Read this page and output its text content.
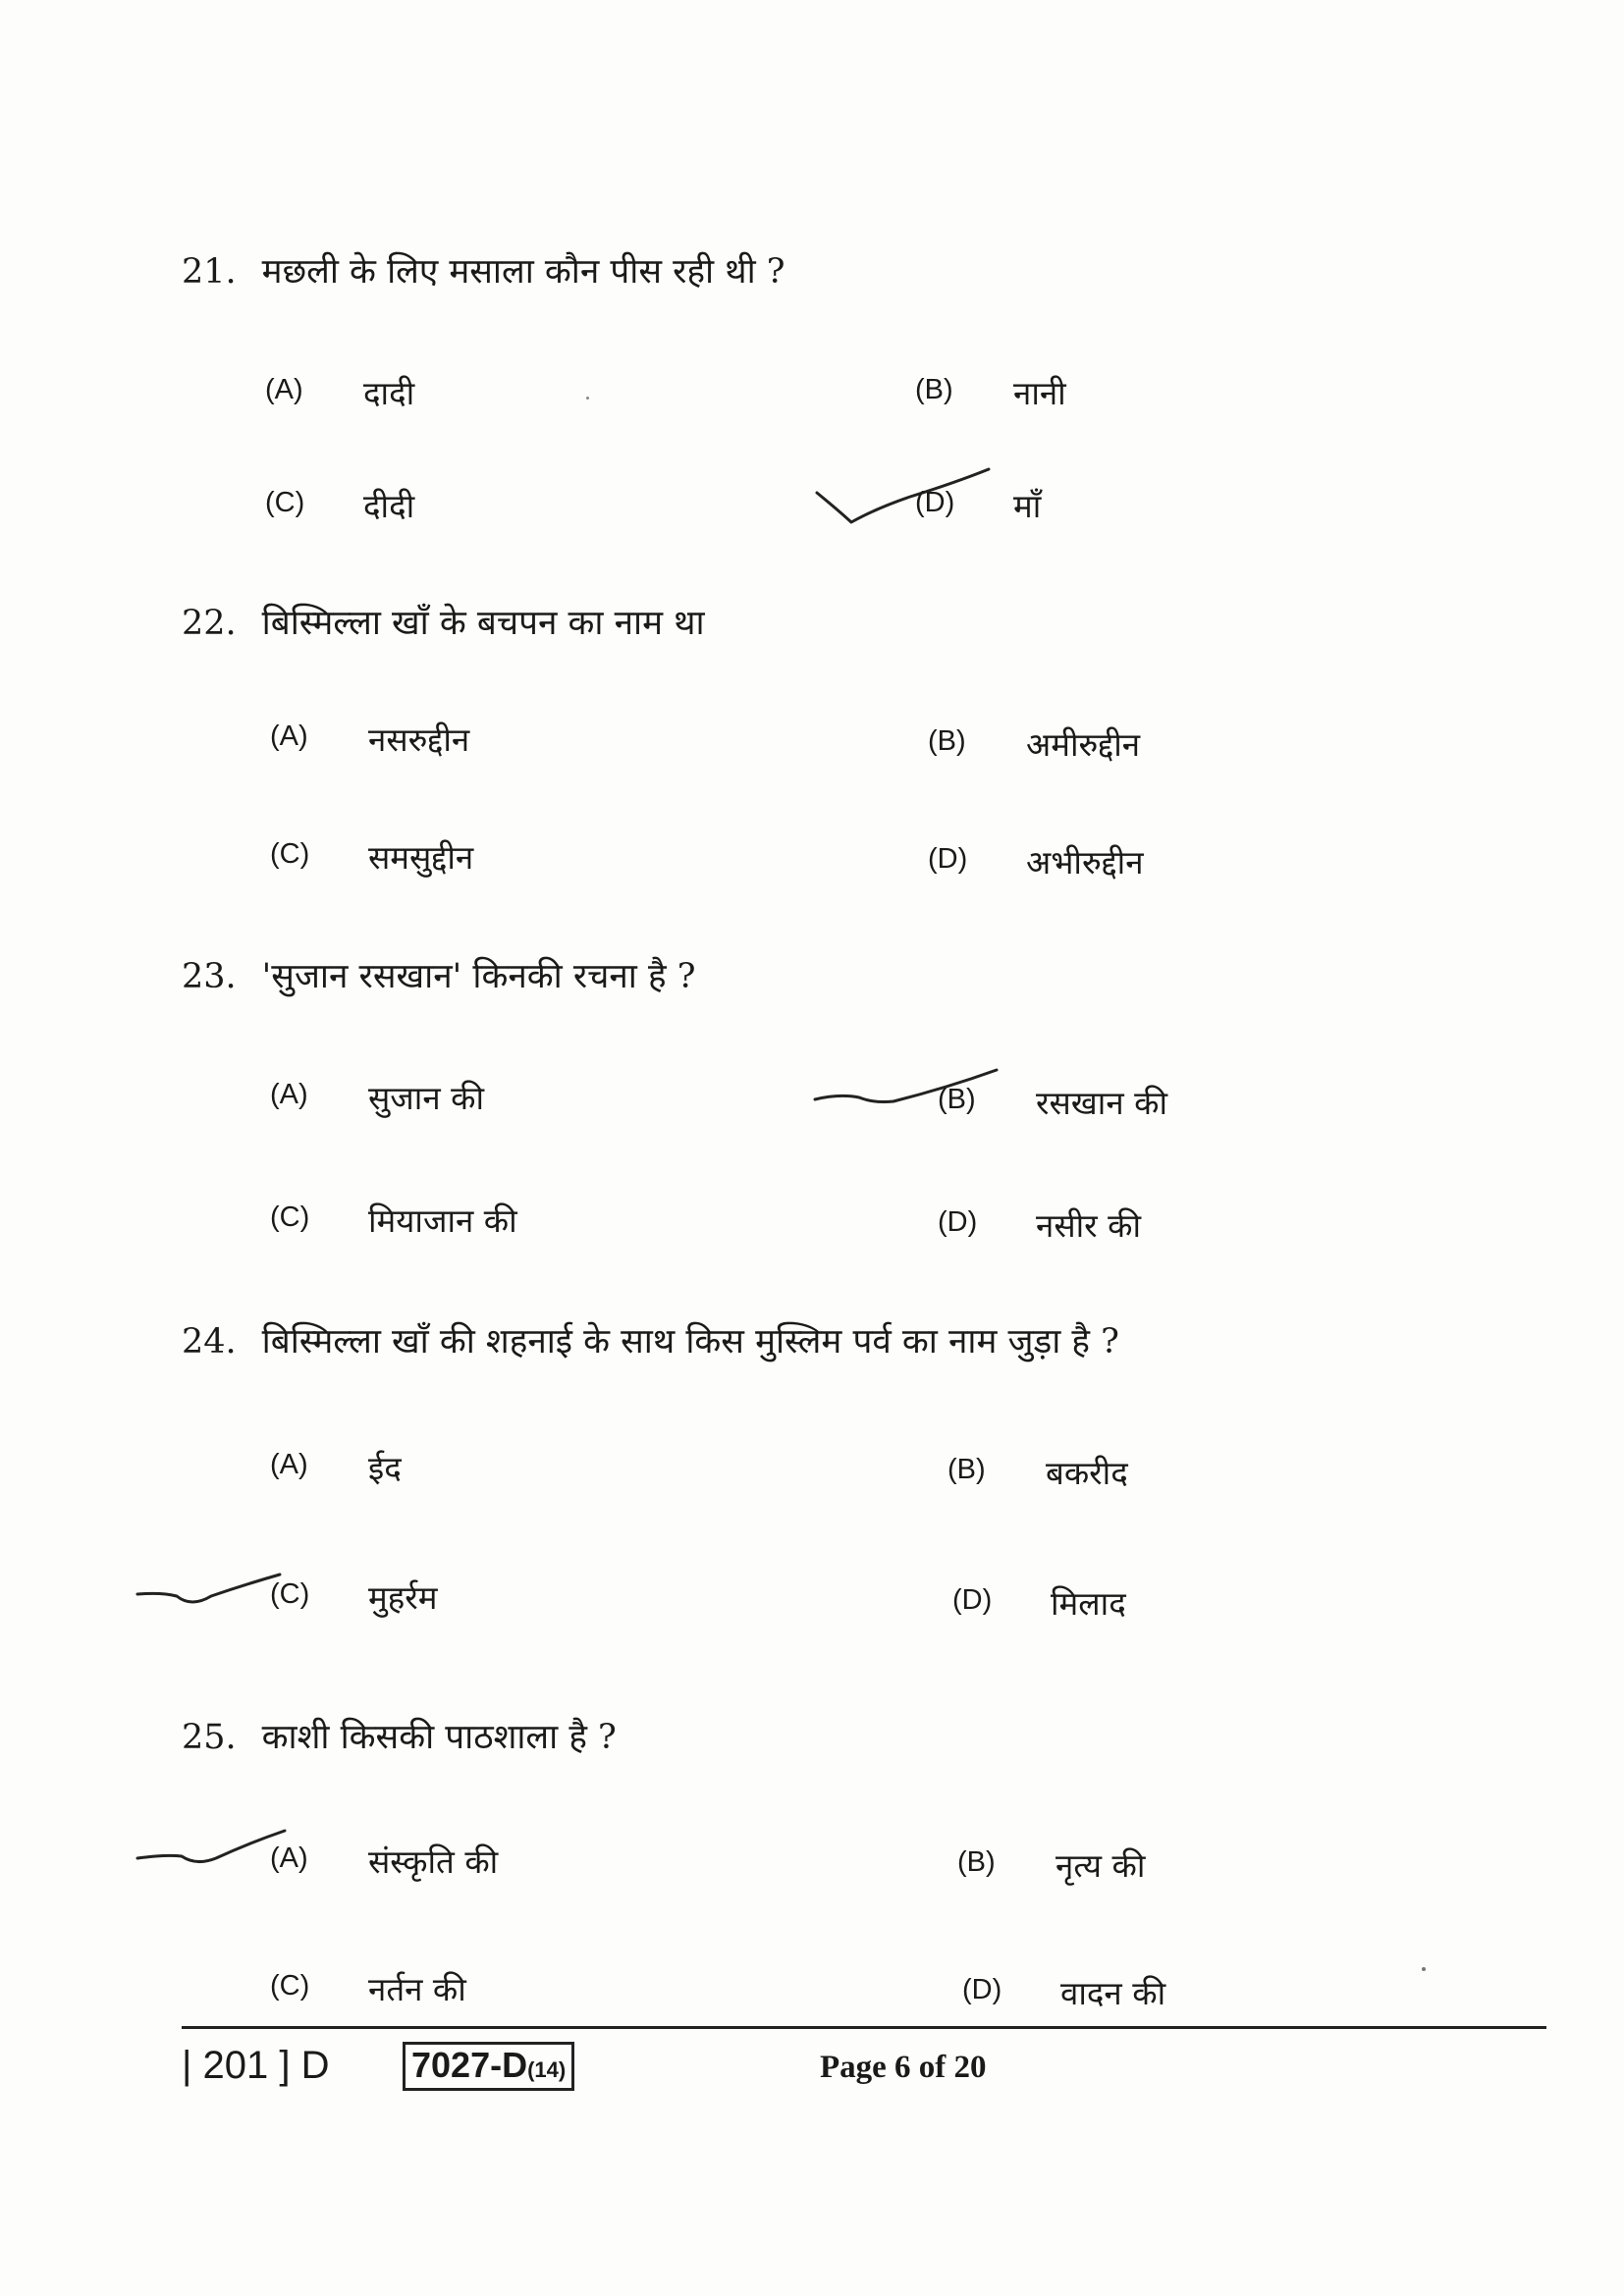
21. मछली के लिए मसाला कौन पीस रही थी ?
(A) दादी	(B) नानी
(C) दीदी	(D) माँ
22. बिस्मिल्ला खाँ के बचपन का नाम था
(A) नसरुद्दीन	(B) अमीरुद्दीन
(C) समसुद्दीन	(D) अभीरुद्दीन
23. 'सुजान रसखान' किनकी रचना है ?
(A) सुजान की	(B) रसखान की
(C) मियाजान की	(D) नसीर की
24. बिस्मिल्ला खाँ की शहनाई के साथ किस मुस्लिम पर्व का नाम जुड़ा है ?
(A) ईद	(B) बकरीद
(C) मुहर्रम	(D) मिलाद
25. काशी किसकी पाठशाला है ?
(A) संस्कृति की	(B) नृत्य की
(C) नर्तन की	(D) वादन की
| 201 ] D 7027-D(14)	Page 6 of 20
